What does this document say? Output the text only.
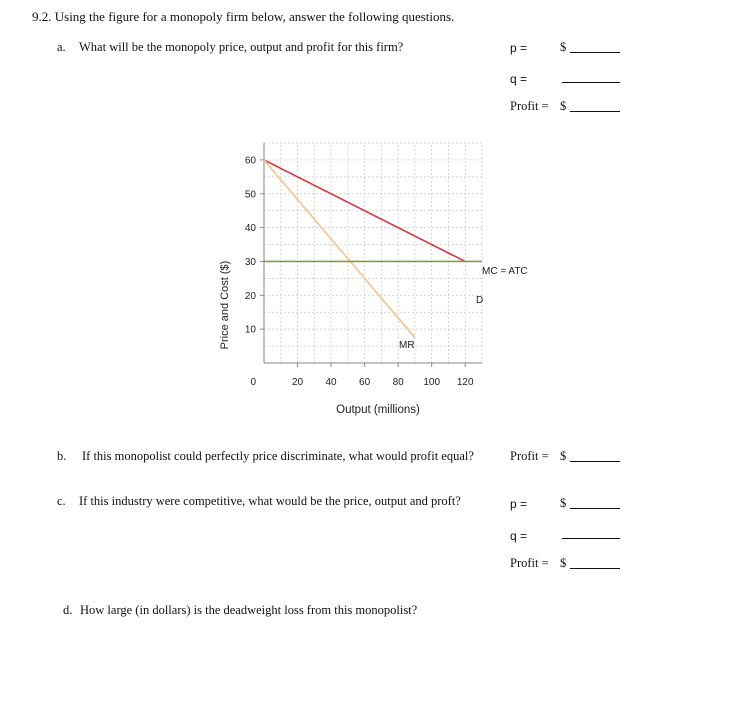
9.2. Using the figure for a monopoly firm below, answer the following questions.
a. What will be the monopoly price, output and profit for this firm?	p =	$
q =
Profit = $
10
20
30
40
50
60
0	20 40 60 80 100 120
Price and Cost ($)
Output (millions)
MC = ATC
D
MR
b. If this monopolist could perfectly price discriminate, what would profit equal?	Profit = $
c. If this industry were competitive, what would be the price, output and proft?	p =	$
q =
Profit = $
d. How large (in dollars) is the deadweight loss from this monopolist?
